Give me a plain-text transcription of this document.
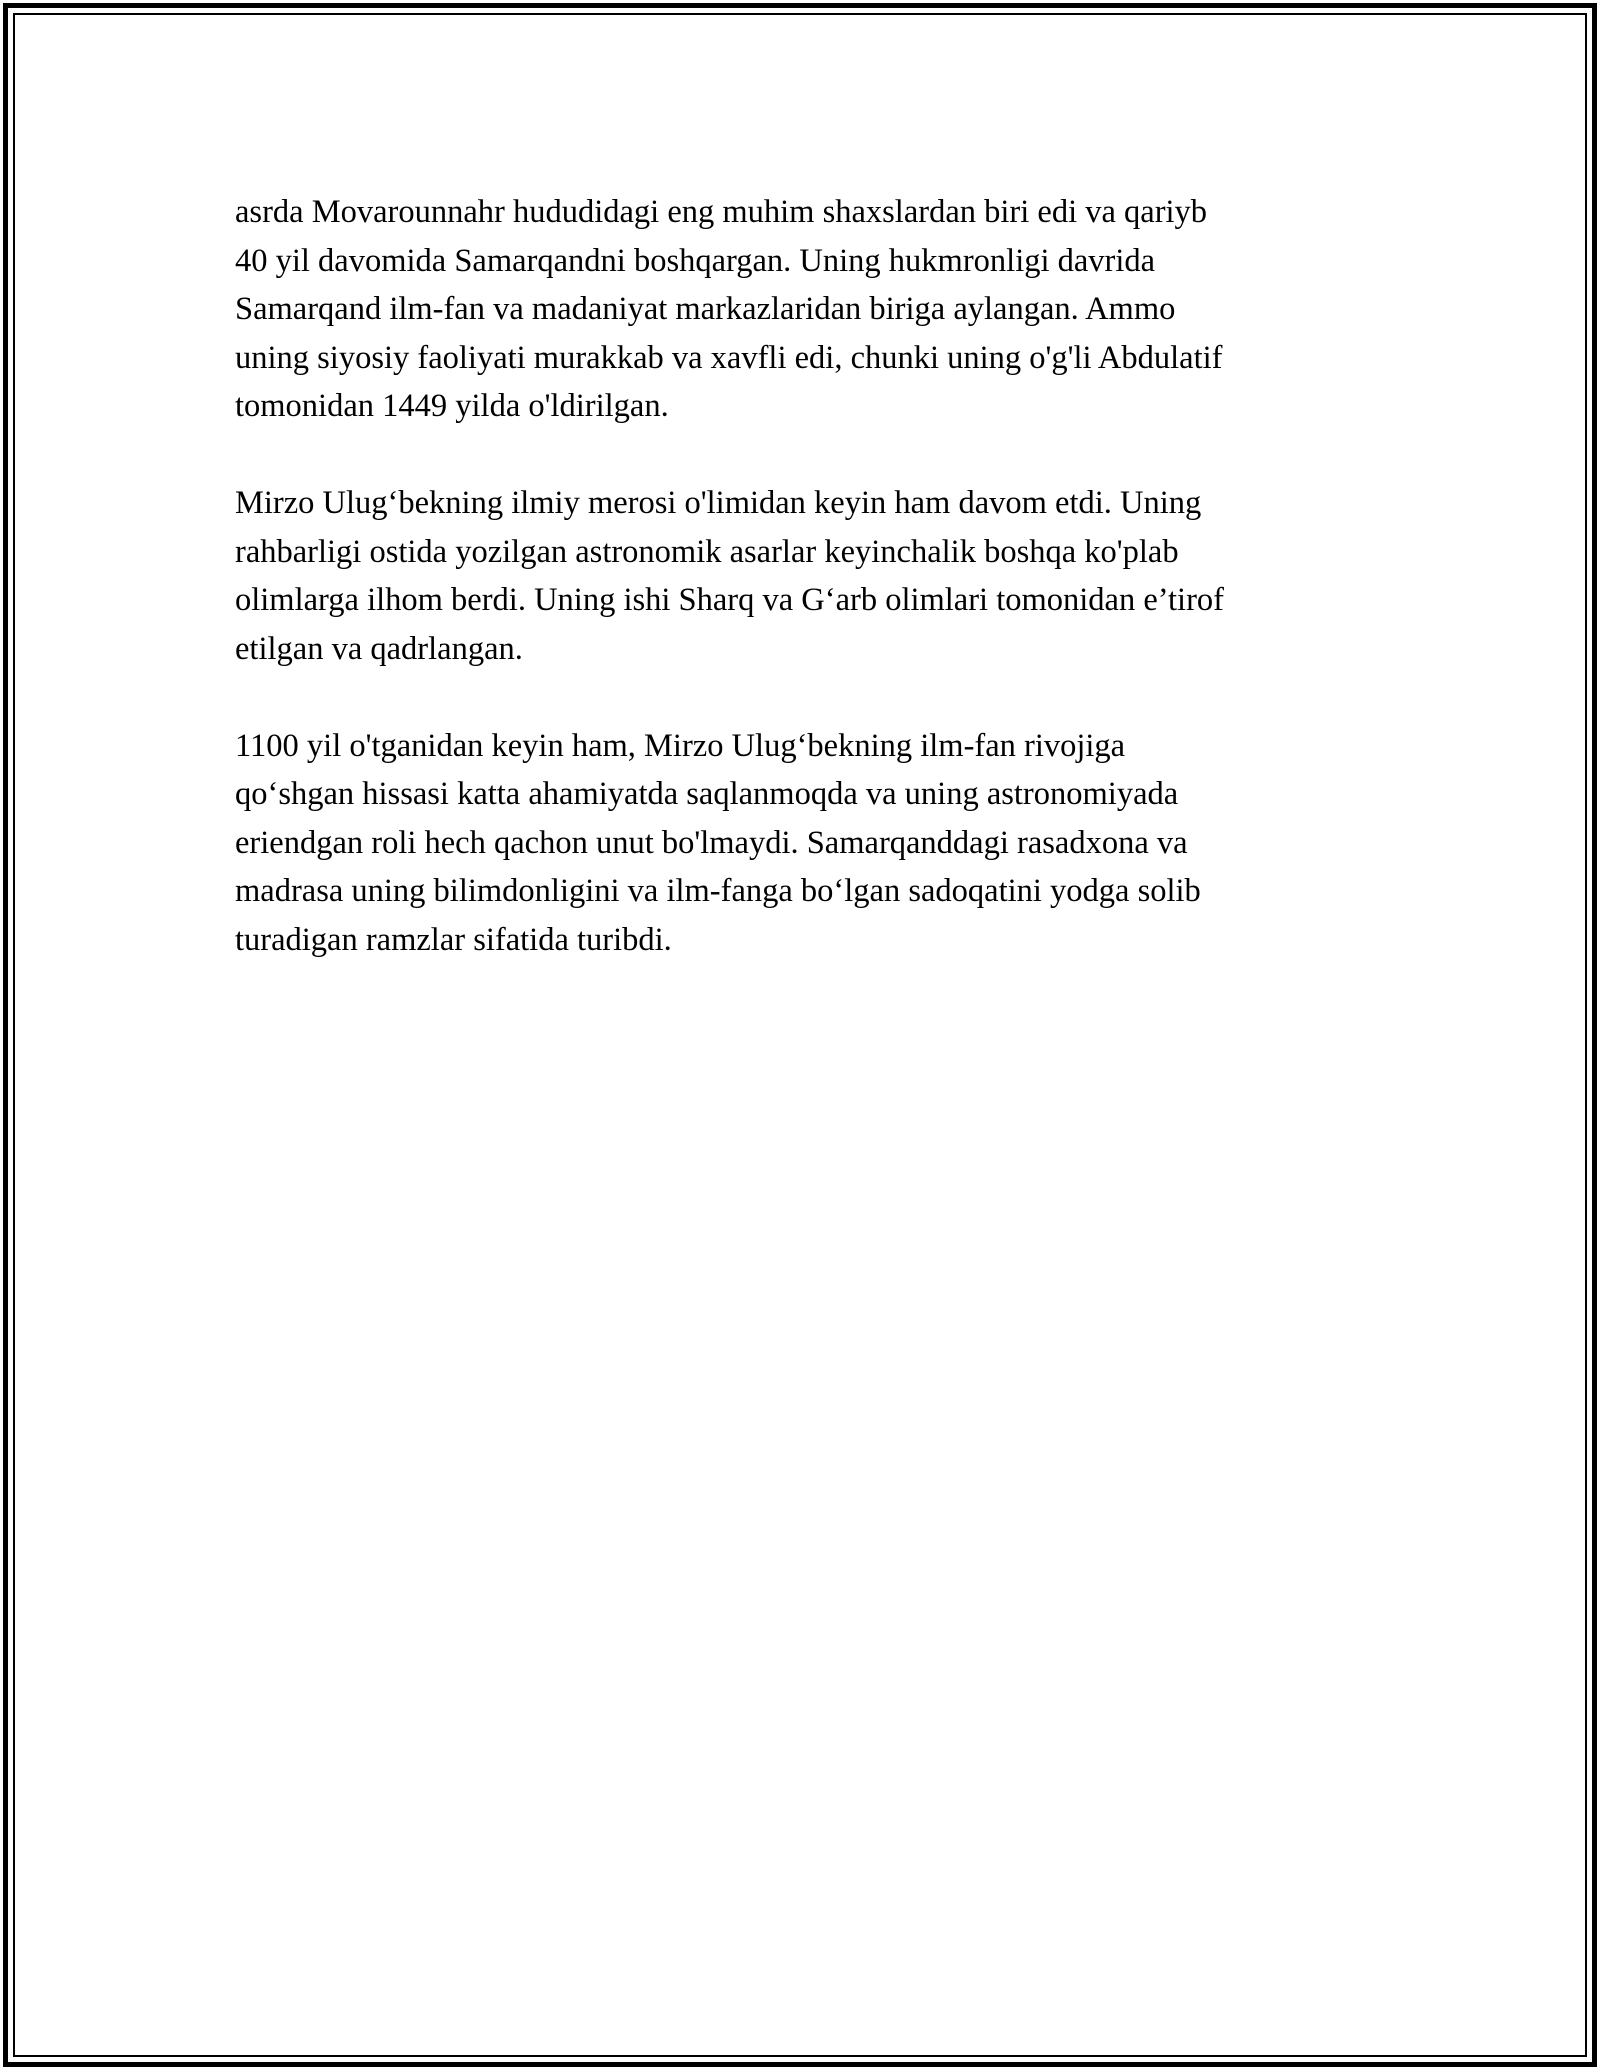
asrda Movarounnahr hududidagi eng muhim shaxslardan biri edi va qariyb
40 yil davomida Samarqandni boshqargan. Uning hukmronligi davrida
Samarqand ilm-fan va madaniyat markazlaridan biriga aylangan. Ammo
uning siyosiy faoliyati murakkab va xavfli edi, chunki uning o'g'li Abdulatif
tomonidan 1449 yilda o'ldirilgan.

Mirzo Ulug‘bekning ilmiy merosi o'limidan keyin ham davom etdi. Uning
rahbarligi ostida yozilgan astronomik asarlar keyinchalik boshqa ko'plab
olimlarga ilhom berdi. Uning ishi Sharq va G‘arb olimlari tomonidan e’tirof
etilgan va qadrlangan.

1100 yil o'tganidan keyin ham, Mirzo Ulug‘bekning ilm-fan rivojiga
qo‘shgan hissasi katta ahamiyatda saqlanmoqda va uning astronomiyada
eriendgan roli hech qachon unut bo'lmaydi. Samarqanddagi rasadxona va
madrasa uning bilimdonligini va ilm-fanga bo‘lgan sadoqatini yodga solib
turadigan ramzlar sifatida turibdi.
